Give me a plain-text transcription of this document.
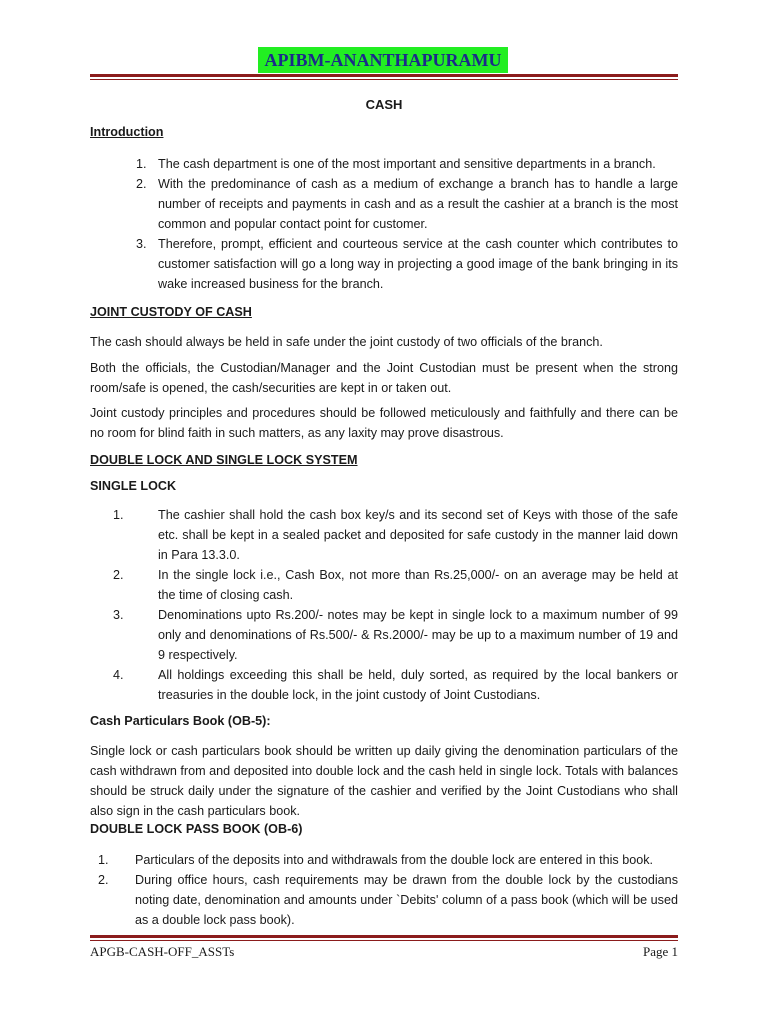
APIBM-ANANTHAPURAMU
CASH
Introduction
1. The cash department is one of the most important and sensitive departments in a branch.
2. With the predominance of cash as a medium of exchange a branch has to handle a large number of receipts and payments in cash and as a result the cashier at a branch is the most common and popular contact point for customer.
3. Therefore, prompt, efficient and courteous service at the cash counter which contributes to customer satisfaction will go a long way in projecting a good image of the bank bringing in its wake increased business for the branch.
JOINT CUSTODY OF CASH

The cash should always be held in safe under the joint custody of two officials of the branch.

Both the officials, the Custodian/Manager and the Joint Custodian must be present when the strong room/safe is opened, the cash/securities are kept in or taken out.

Joint custody principles and procedures should be followed meticulously and faithfully and there can be no room for blind faith in such matters, as any laxity may prove disastrous.

DOUBLE LOCK AND SINGLE LOCK SYSTEM
SINGLE LOCK
1.	The cashier shall hold the cash box key/s and its second set of Keys with those of the safe etc. shall be kept in a sealed packet and deposited for safe custody in the manner laid down in Para 13.3.0.
2.	In the single lock i.e., Cash Box, not more than Rs.25,000/- on an average may be held at the time of closing cash.
3.	Denominations upto Rs.200/- notes may be kept in single lock to a maximum number of 99 only and denominations of Rs.500/- & Rs.2000/- may be up to a maximum number of 19 and 9 respectively.
4.	All holdings exceeding this shall be held, duly sorted, as required by the local bankers or treasuries in the double lock, in the joint custody of Joint Custodians.
Cash Particulars Book (OB-5):

Single lock or cash particulars book should be written up daily giving the denomination particulars of the cash withdrawn from and deposited into double lock and the cash held in single lock. Totals with balances should be struck daily under the signature of the cashier and verified by the Joint Custodians who shall also sign in the cash particulars book.

DOUBLE LOCK PASS BOOK (OB-6)
1. Particulars of the deposits into and withdrawals from the double lock are entered in this book.
2. During office hours, cash requirements may be drawn from the double lock by the custodians noting date, denomination and amounts under `Debits' column of a pass book (which will be used as a double lock pass book).
APGB-CASH-OFF_ASSTs	Page 1
